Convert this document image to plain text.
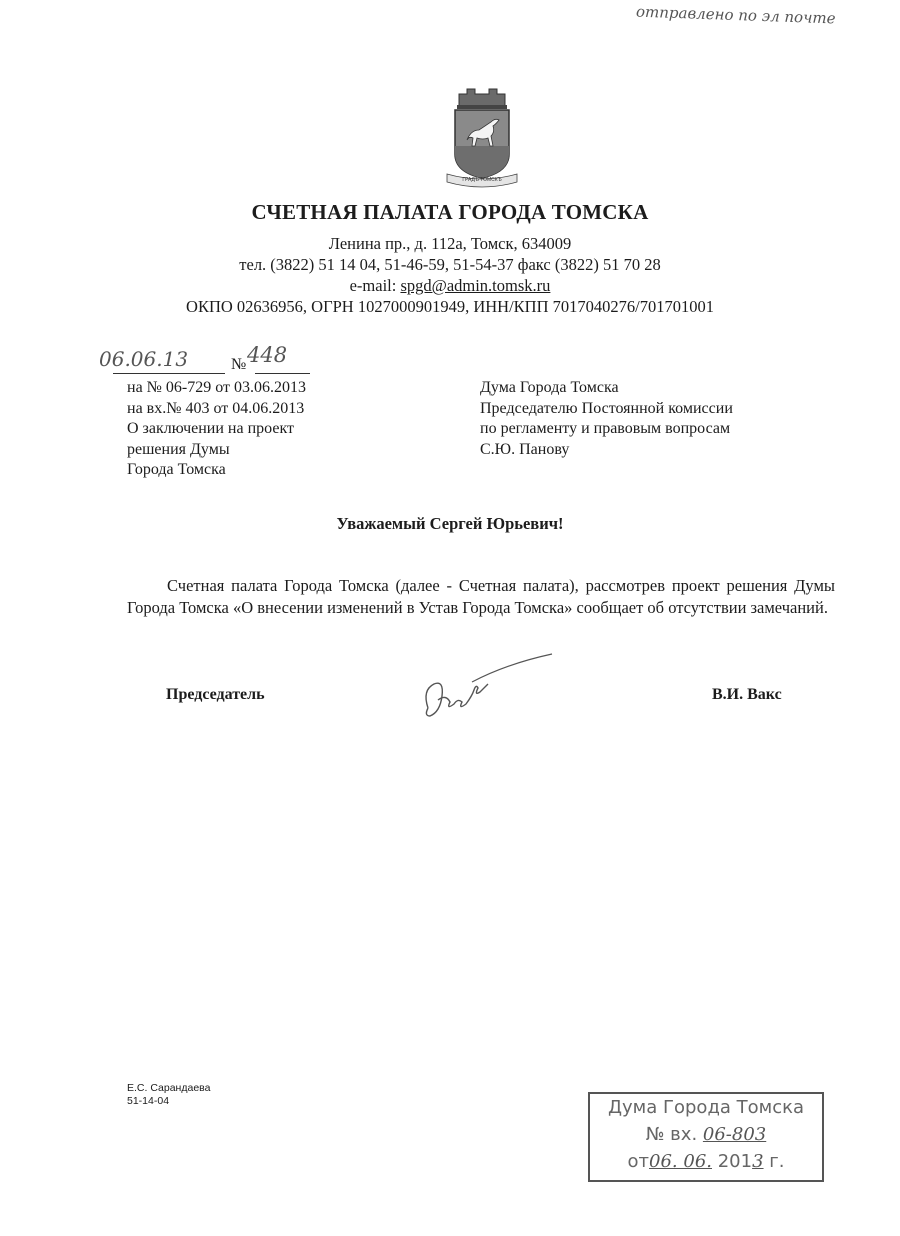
отправлено по эл почте
ГРАДЪ ТОМСКЪ
СЧЕТНАЯ ПАЛАТА ГОРОДА ТОМСКА
Ленина пр., д. 112а, Томск, 634009
тел. (3822) 51 14 04, 51-46-59, 51-54-37 факс (3822) 51 70 28
e-mail: spgd@admin.tomsk.ru
ОКПО 02636956, ОГРН 1027000901949, ИНН/КПП 7017040276/701701001
06.06.13	№ 448
на № 06-729 от 03.06.2013
на вх.№ 403 от 04.06.2013
О заключении на проект
решения Думы
Города Томска
Дума Города Томска
Председателю Постоянной комиссии
по регламенту и правовым вопросам
С.Ю. Панову
Уважаемый Сергей Юрьевич!
Счетная палата Города Томска (далее - Счетная палата), рассмотрев проект решения Думы Города Томска «О внесении изменений в Устав Города Томска» сообщает об отсутствии замечаний.
Председатель	В.И. Вакс
Е.С. Сарандаева
51-14-04	Дума Города Томска
№ вх. 06-803
от06. 06. 2013 г.
